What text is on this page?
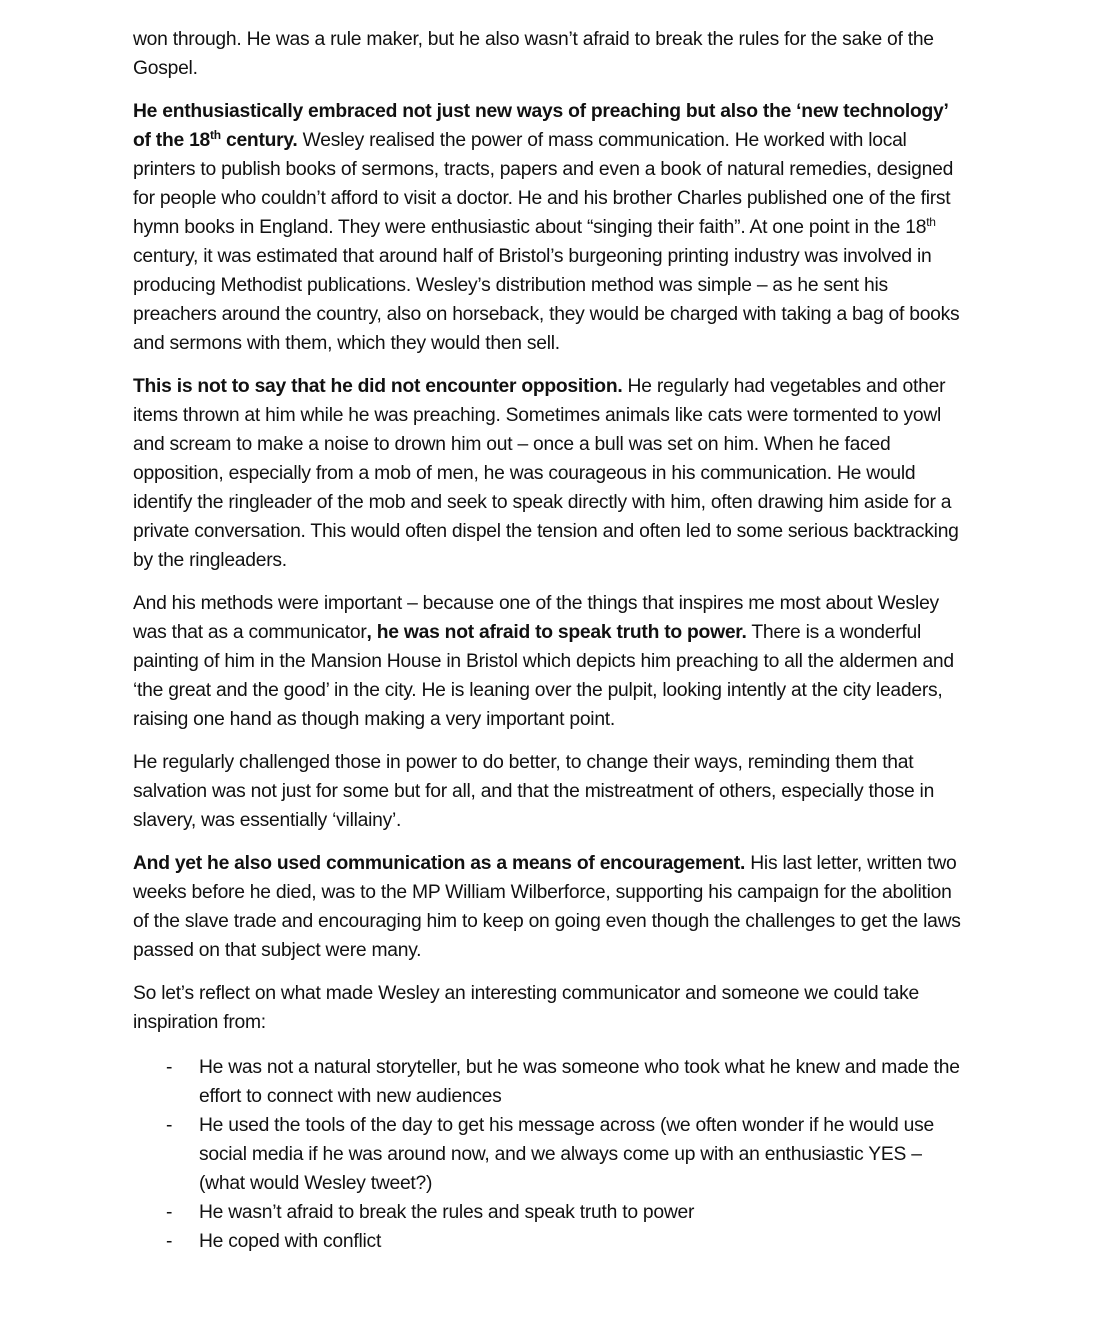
won through. He was a rule maker, but he also wasn’t afraid to break the rules for the sake of the Gospel.

He enthusiastically embraced not just new ways of preaching but also the ‘new technology’ of the 18th century. Wesley realised the power of mass communication. He worked with local printers to publish books of sermons, tracts, papers and even a book of natural remedies, designed for people who couldn’t afford to visit a doctor. He and his brother Charles published one of the first hymn books in England. They were enthusiastic about “singing their faith”. At one point in the 18th century, it was estimated that around half of Bristol’s burgeoning printing industry was involved in producing Methodist publications. Wesley’s distribution method was simple – as he sent his preachers around the country, also on horseback, they would be charged with taking a bag of books and sermons with them, which they would then sell.

This is not to say that he did not encounter opposition. He regularly had vegetables and other items thrown at him while he was preaching. Sometimes animals like cats were tormented to yowl and scream to make a noise to drown him out – once a bull was set on him. When he faced opposition, especially from a mob of men, he was courageous in his communication. He would identify the ringleader of the mob and seek to speak directly with him, often drawing him aside for a private conversation. This would often dispel the tension and often led to some serious backtracking by the ringleaders.

And his methods were important – because one of the things that inspires me most about Wesley was that as a communicator, he was not afraid to speak truth to power. There is a wonderful painting of him in the Mansion House in Bristol which depicts him preaching to all the aldermen and ‘the great and the good’ in the city. He is leaning over the pulpit, looking intently at the city leaders, raising one hand as though making a very important point.

He regularly challenged those in power to do better, to change their ways, reminding them that salvation was not just for some but for all, and that the mistreatment of others, especially those in slavery, was essentially ‘villainy’.

And yet he also used communication as a means of encouragement. His last letter, written two weeks before he died, was to the MP William Wilberforce, supporting his campaign for the abolition of the slave trade and encouraging him to keep on going even though the challenges to get the laws passed on that subject were many.

So let’s reflect on what made Wesley an interesting communicator and someone we could take inspiration from:

- He was not a natural storyteller, but he was someone who took what he knew and made the effort to connect with new audiences
- He used the tools of the day to get his message across (we often wonder if he would use social media if he was around now, and we always come up with an enthusiastic YES – (what would Wesley tweet?)
- He wasn’t afraid to break the rules and speak truth to power
- He coped with conflict
